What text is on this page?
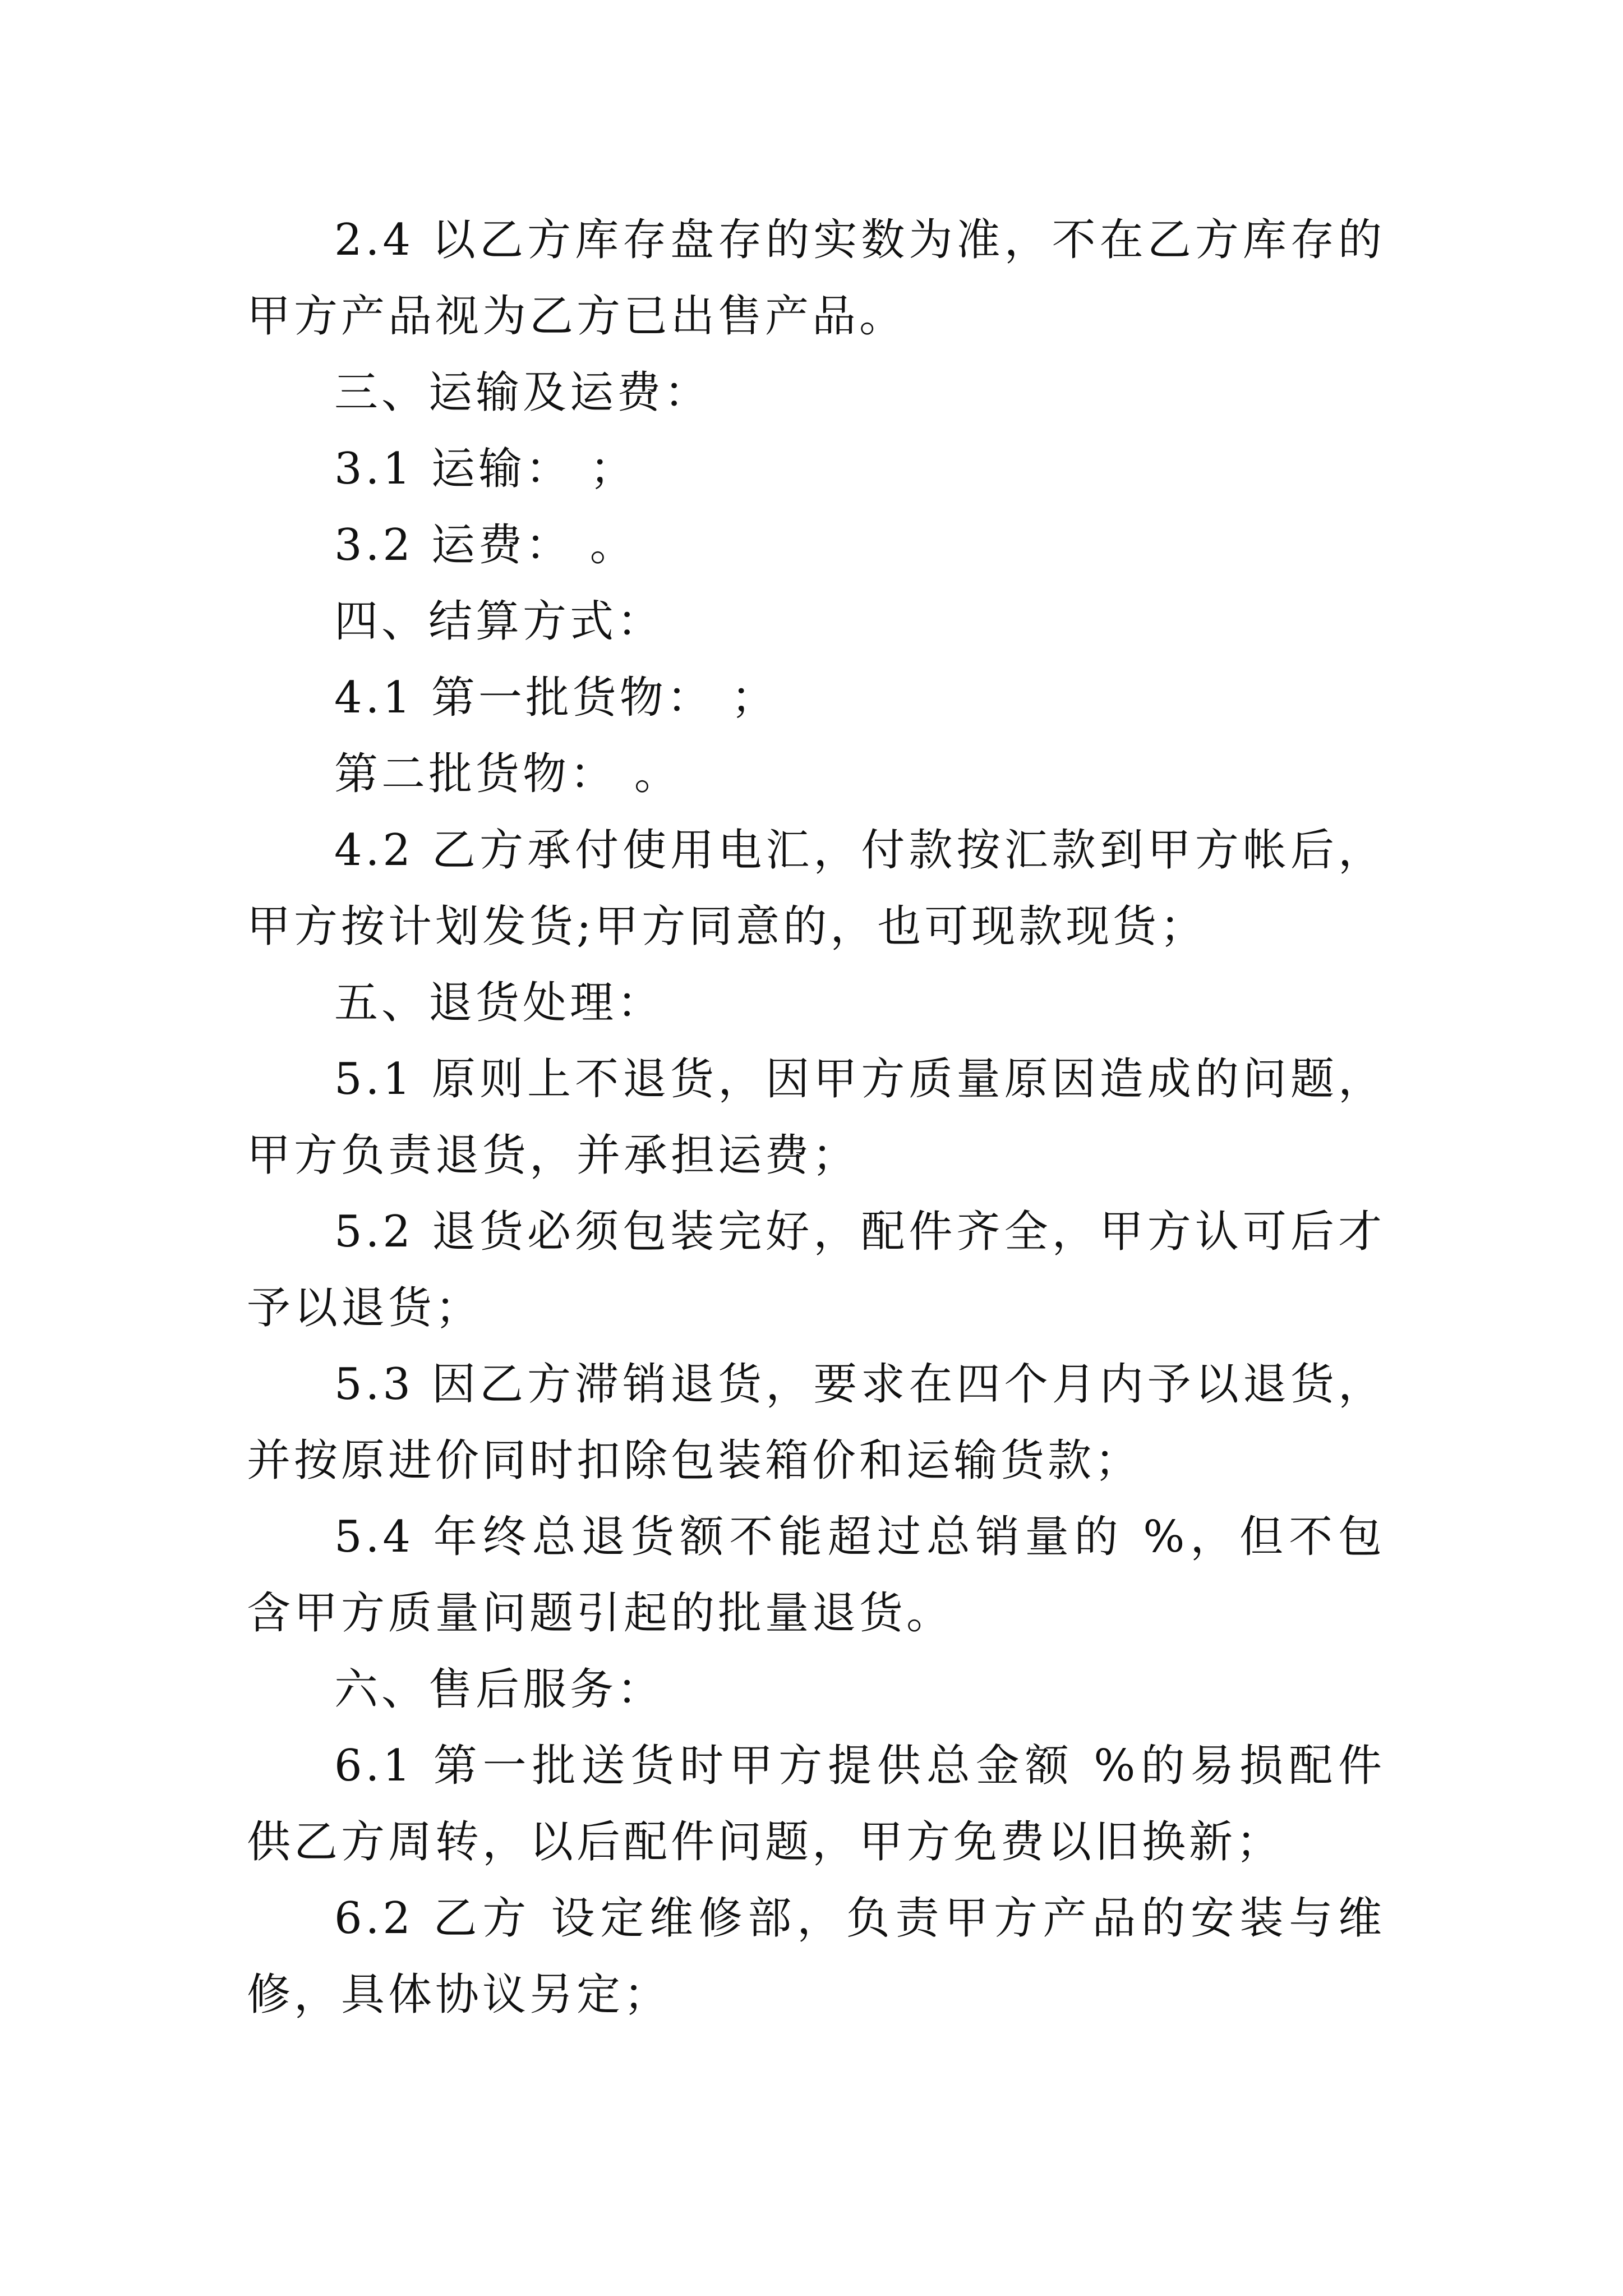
2.4 以乙方库存盘存的实数为准，不在乙方库存的甲方产品视为乙方已出售产品。

三、运输及运费：

3.1 运输： ；

3.2 运费： 。

四、结算方式：

4.1 第一批货物： ；

第二批货物： 。

4.2 乙方承付使用电汇，付款按汇款到甲方帐后，甲方按计划发货;甲方同意的，也可现款现货；

五、退货处理：

5.1 原则上不退货，因甲方质量原因造成的问题，甲方负责退货，并承担运费；

5.2 退货必须包装完好，配件齐全，甲方认可后才予以退货；

5.3 因乙方滞销退货，要求在四个月内予以退货，并按原进价同时扣除包装箱价和运输货款；

5.4 年终总退货额不能超过总销量的 %，但不包含甲方质量问题引起的批量退货。

六、售后服务：

6.1 第一批送货时甲方提供总金额 %的易损配件供乙方周转，以后配件问题，甲方免费以旧换新；

6.2 乙方 设定维修部，负责甲方产品的安装与维修，具体协议另定；
